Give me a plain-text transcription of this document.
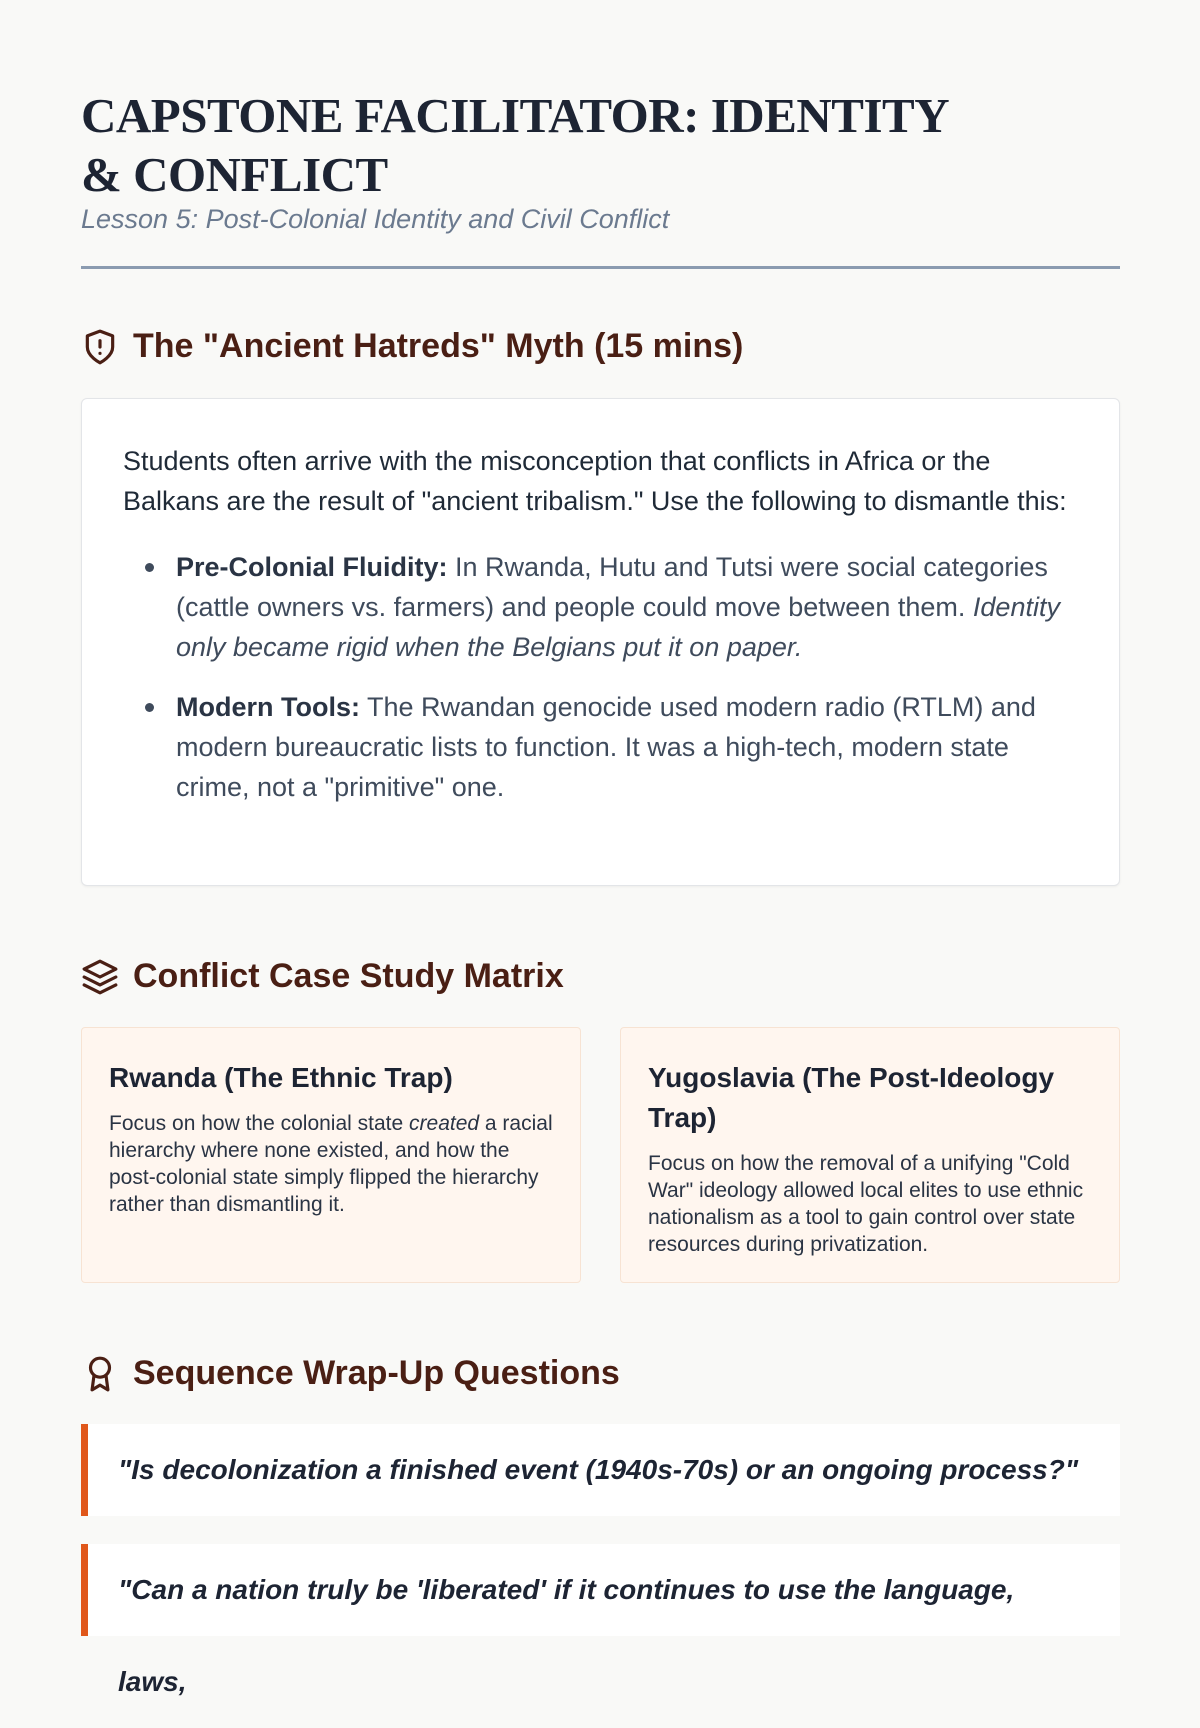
CAPSTONE FACILITATOR: IDENTITY & CONFLICT
Lesson 5: Post-Colonial Identity and Civil Conflict
The "Ancient Hatreds" Myth (15 mins)

Students often arrive with the misconception that conflicts in Africa or the Balkans are the result of "ancient tribalism." Use the following to dismantle this:

Pre-Colonial Fluidity: In Rwanda, Hutu and Tutsi were social categories (cattle owners vs. farmers) and people could move between them. Identity only became rigid when the Belgians put it on paper.
Modern Tools: The Rwandan genocide used modern radio (RTLM) and modern bureaucratic lists to function. It was a high-tech, modern state crime, not a "primitive" one.
Conflict Case Study Matrix
Rwanda (The Ethnic Trap)

Focus on how the colonial state created a racial hierarchy where none existed, and how the post-colonial state simply flipped the hierarchy rather than dismantling it.

Yugoslavia (The Post-Ideology Trap)

Focus on how the removal of a unifying "Cold War" ideology allowed local elites to use ethnic nationalism as a tool to gain control over state resources during privatization.

Sequence Wrap-Up Questions
"Is decolonization a finished event (1940s-70s) or an ongoing process?"
"Can a nation truly be 'liberated' if it continues to use the language, laws,
